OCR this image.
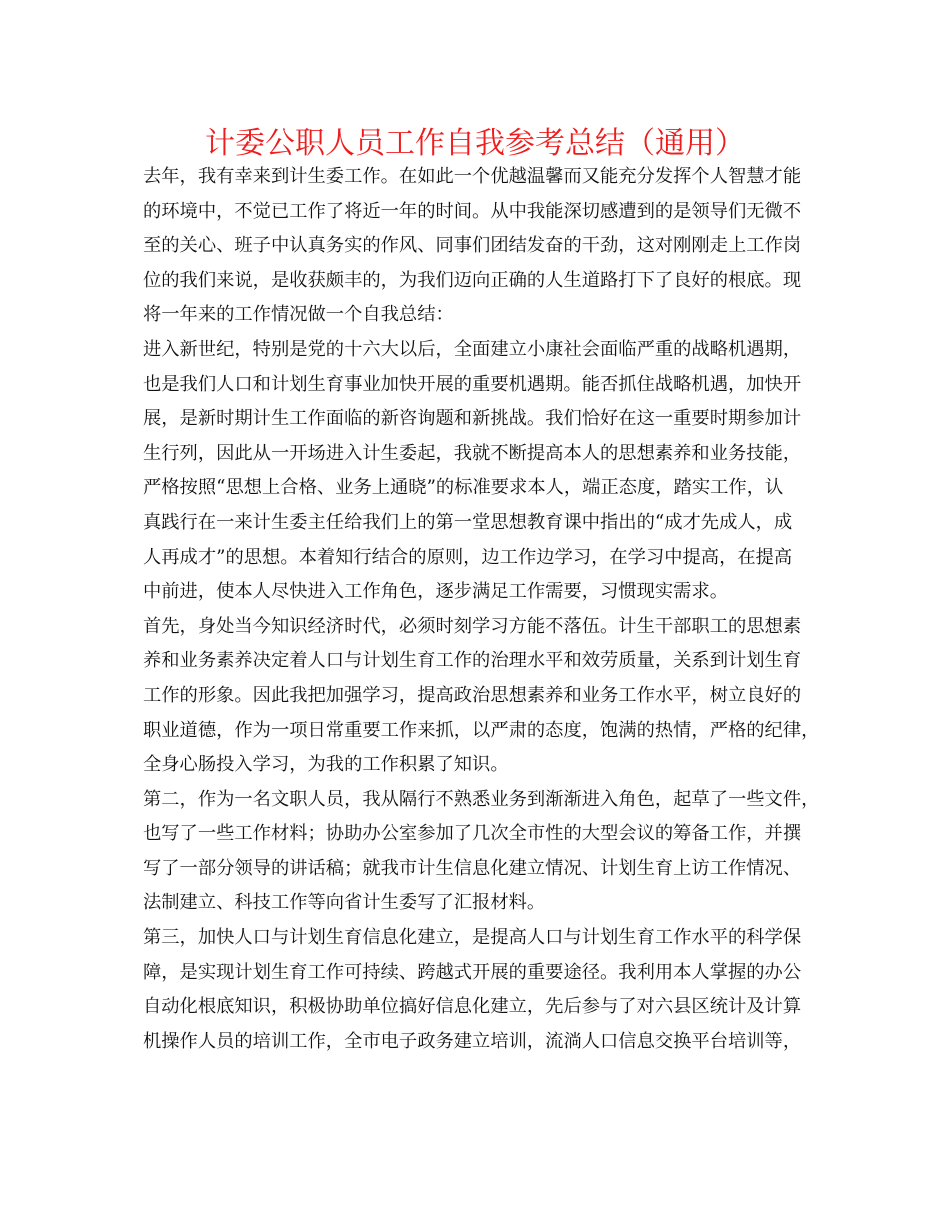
计委公职人员工作自我参考总结（通用）

去年，我有幸来到计生委工作。在如此一个优越温馨而又能充分发挥个人智慧才能
的环境中，不觉已工作了将近一年的时间。从中我能深切感遭到的是领导们无微不
至的关心、班子中认真务实的作风、同事们团结发奋的干劲，这对刚刚走上工作岗
位的我们来说，是收获颇丰的，为我们迈向正确的人生道路打下了良好的根底。现
将一年来的工作情况做一个自我总结：

进入新世纪，特别是党的十六大以后，全面建立小康社会面临严重的战略机遇期，
也是我们人口和计划生育事业加快开展的重要机遇期。能否抓住战略机遇，加快开
展，是新时期计生工作面临的新咨询题和新挑战。我们恰好在这一重要时期参加计
生行列，因此从一开场进入计生委起，我就不断提高本人的思想素养和业务技能，
严格按照“思想上合格、业务上通晓”的标准要求本人，端正态度，踏实工作，认
真践行在一来计生委主任给我们上的第一堂思想教育课中指出的“成才先成人，成
人再成才”的思想。本着知行结合的原则，边工作边学习，在学习中提高，在提高
中前进，使本人尽快进入工作角色，逐步满足工作需要，习惯现实需求。

首先，身处当今知识经济时代，必须时刻学习方能不落伍。计生干部职工的思想素
养和业务素养决定着人口与计划生育工作的治理水平和效劳质量，关系到计划生育
工作的形象。因此我把加强学习，提高政治思想素养和业务工作水平，树立良好的
职业道德，作为一项日常重要工作来抓，以严肃的态度，饱满的热情，严格的纪律，
全身心肠投入学习，为我的工作积累了知识。

第二，作为一名文职人员，我从隔行不熟悉业务到渐渐进入角色，起草了一些文件，
也写了一些工作材料；协助办公室参加了几次全市性的大型会议的筹备工作，并撰
写了一部分领导的讲话稿；就我市计生信息化建立情况、计划生育上访工作情况、
法制建立、科技工作等向省计生委写了汇报材料。

第三，加快人口与计划生育信息化建立，是提高人口与计划生育工作水平的科学保
障，是实现计划生育工作可持续、跨越式开展的重要途径。我利用本人掌握的办公
自动化根底知识，积极协助单位搞好信息化建立，先后参与了对六县区统计及计算
机操作人员的培训工作，全市电子政务建立培训，流淌人口信息交换平台培训等，
